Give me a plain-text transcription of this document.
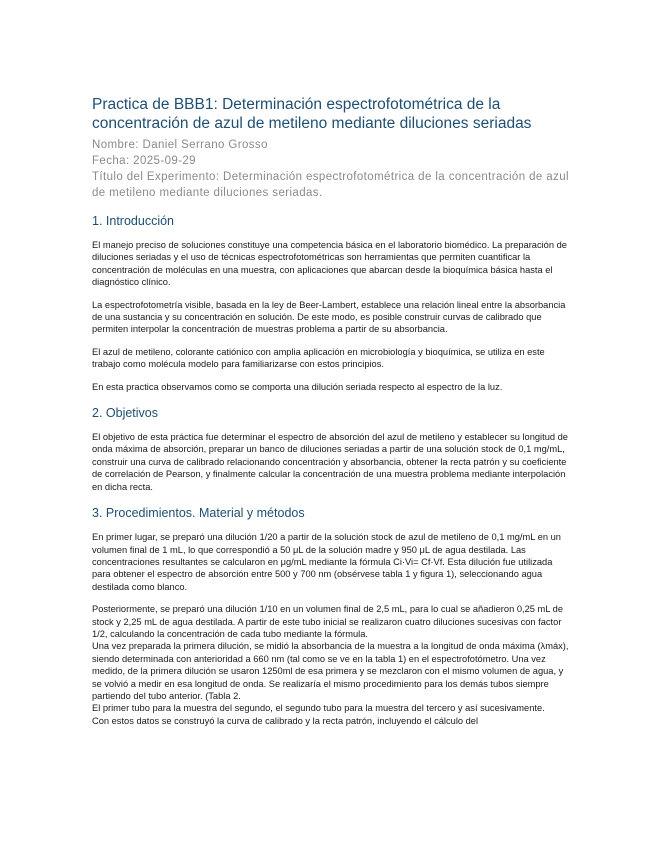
Practica de BBB1: Determinación espectrofotométrica de la concentración de azul de metileno mediante diluciones seriadas

Nombre: Daniel Serrano Grosso

Fecha: 2025-09-29

Título del Experimento: Determinación espectrofotométrica de la concentración de azul de metileno mediante diluciones seriadas.

1. Introducción

El manejo preciso de soluciones constituye una competencia básica en el laboratorio biomédico. La preparación de diluciones seriadas y el uso de técnicas espectrofotométricas son herramientas que permiten cuantificar la concentración de moléculas en una muestra, con aplicaciones que abarcan desde la bioquímica básica hasta el diagnóstico clínico.

La espectrofotometría visible, basada en la ley de Beer-Lambert, establece una relación lineal entre la absorbancia de una sustancia y su concentración en solución. De este modo, es posible construir curvas de calibrado que permiten interpolar la concentración de muestras problema a partir de su absorbancia.

El azul de metileno, colorante catiónico con amplia aplicación en microbiología y bioquímica, se utiliza en este trabajo como molécula modelo para familiarizarse con estos principios.

En esta practica observamos como se comporta una dilución seriada respecto al espectro de la luz.

2. Objetivos

El objetivo de esta práctica fue determinar el espectro de absorción del azul de metileno y establecer su longitud de onda máxima de absorción, preparar un banco de diluciones seriadas a partir de una solución stock de 0,1 mg/mL, construir una curva de calibrado relacionando concentración y absorbancia, obtener la recta patrón y su coeficiente de correlación de Pearson, y finalmente calcular la concentración de una muestra problema mediante interpolación en dicha recta.

3. Procedimientos. Material y métodos

En primer lugar, se preparó una dilución 1/20 a partir de la solución stock de azul de metileno de 0,1 mg/mL en un volumen final de 1 mL, lo que correspondió a 50 μL de la solución madre y 950 μL de agua destilada. Las concentraciones resultantes se calcularon en μg/mL mediante la fórmula Ci·Vi= Cf·Vf. Esta dilución fue utilizada para obtener el espectro de absorción entre 500 y 700 nm (obsérvese tabla 1 y figura 1), seleccionando agua destilada como blanco.

Posteriormente, se preparó una dilución 1/10 en un volumen final de 2,5 mL, para lo cual se añadieron 0,25 mL de stock y 2,25 mL de agua destilada. A partir de este tubo inicial se realizaron cuatro diluciones sucesivas con factor 1/2, calculando la concentración de cada tubo mediante la fórmula.

Una vez preparada la primera dilución, se midió la absorbancia de la muestra a la longitud de onda máxima (λmáx), siendo determinada con anterioridad a 660 nm (tal como se ve en la tabla 1) en el espectrofotómetro. Una vez medido, de la primera dilución se usaron 1250ml de esa primera y se mezclaron con el mismo volumen de agua, y se volvió a medir en esa longitud de onda. Se realizaría el mismo procedimiento para los demás tubos siempre partiendo del tubo anterior. (Tabla 2.

El primer tubo para la muestra del segundo, el segundo tubo para la muestra del tercero y así sucesivamente.

Con estos datos se construyó la curva de calibrado y la recta patrón, incluyendo el cálculo del
